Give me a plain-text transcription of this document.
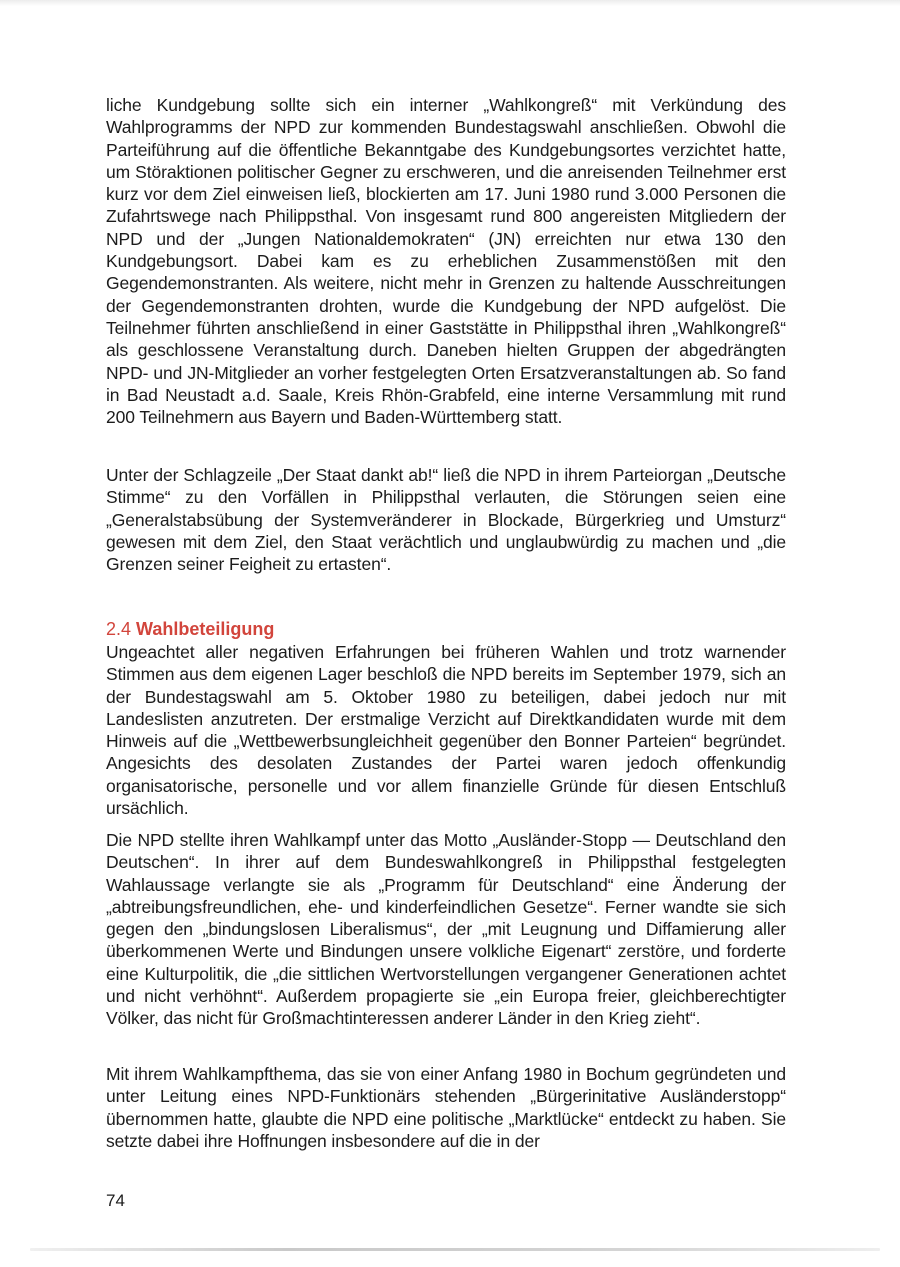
liche Kundgebung sollte sich ein interner „Wahlkongreß“ mit Verkündung des Wahlprogramms der NPD zur kommenden Bundestagswahl anschließen. Obwohl die Parteiführung auf die öffentliche Bekanntgabe des Kundgebungsortes verzichtet hatte, um Störaktionen politischer Gegner zu erschweren, und die anreisenden Teilnehmer erst kurz vor dem Ziel einweisen ließ, blockierten am 17. Juni 1980 rund 3.000 Personen die Zufahrtswege nach Philippsthal. Von insgesamt rund 800 angereisten Mitgliedern der NPD und der „Jungen Nationaldemokraten“ (JN) erreichten nur etwa 130 den Kundgebungsort. Dabei kam es zu erheblichen Zusammenstößen mit den Gegendemonstranten. Als weitere, nicht mehr in Grenzen zu haltende Ausschreitungen der Gegendemonstranten drohten, wurde die Kundgebung der NPD aufgelöst. Die Teilnehmer führten anschließend in einer Gaststätte in Philippsthal ihren „Wahlkongreß“ als geschlossene Veranstaltung durch. Daneben hielten Gruppen der abgedrängten NPD- und JN-Mitglieder an vorher festgelegten Orten Ersatzveranstaltungen ab. So fand in Bad Neustadt a.d. Saale, Kreis Rhön-Grabfeld, eine interne Versammlung mit rund 200 Teilnehmern aus Bayern und Baden-Württemberg statt.

Unter der Schlagzeile „Der Staat dankt ab!“ ließ die NPD in ihrem Parteiorgan „Deutsche Stimme“ zu den Vorfällen in Philippsthal verlauten, die Störungen seien eine „Generalstabsübung der Systemveränderer in Blockade, Bürgerkrieg und Umsturz“ gewesen mit dem Ziel, den Staat verächtlich und unglaubwürdig zu machen und „die Grenzen seiner Feigheit zu ertasten“.

2.4 Wahlbeteiligung

Ungeachtet aller negativen Erfahrungen bei früheren Wahlen und trotz warnender Stimmen aus dem eigenen Lager beschloß die NPD bereits im September 1979, sich an der Bundestagswahl am 5. Oktober 1980 zu beteiligen, dabei jedoch nur mit Landeslisten anzutreten. Der erstmalige Verzicht auf Direktkandidaten wurde mit dem Hinweis auf die „Wettbewerbsungleichheit gegenüber den Bonner Parteien“ begründet. Angesichts des desolaten Zustandes der Partei waren jedoch offenkundig organisatorische, personelle und vor allem finanzielle Gründe für diesen Entschluß ursächlich.

Die NPD stellte ihren Wahlkampf unter das Motto „Ausländer-Stopp — Deutschland den Deutschen“. In ihrer auf dem Bundeswahlkongreß in Philippsthal festgelegten Wahlaussage verlangte sie als „Programm für Deutschland“ eine Änderung der „abtreibungsfreundlichen, ehe- und kinderfeindlichen Gesetze“. Ferner wandte sie sich gegen den „bindungslosen Liberalismus“, der „mit Leugnung und Diffamierung aller überkommenen Werte und Bindungen unsere volkliche Eigenart“ zerstöre, und forderte eine Kulturpolitik, die „die sittlichen Wertvorstellungen vergangener Generationen achtet und nicht verhöhnt“. Außerdem propagierte sie „ein Europa freier, gleichberechtigter Völker, das nicht für Großmachtinteressen anderer Länder in den Krieg zieht“.

Mit ihrem Wahlkampfthema, das sie von einer Anfang 1980 in Bochum gegründeten und unter Leitung eines NPD-Funktionärs stehenden „Bürgerinitative Ausländerstopp“ übernommen hatte, glaubte die NPD eine politische „Marktlücke“ entdeckt zu haben. Sie setzte dabei ihre Hoffnungen insbesondere auf die in der

74
